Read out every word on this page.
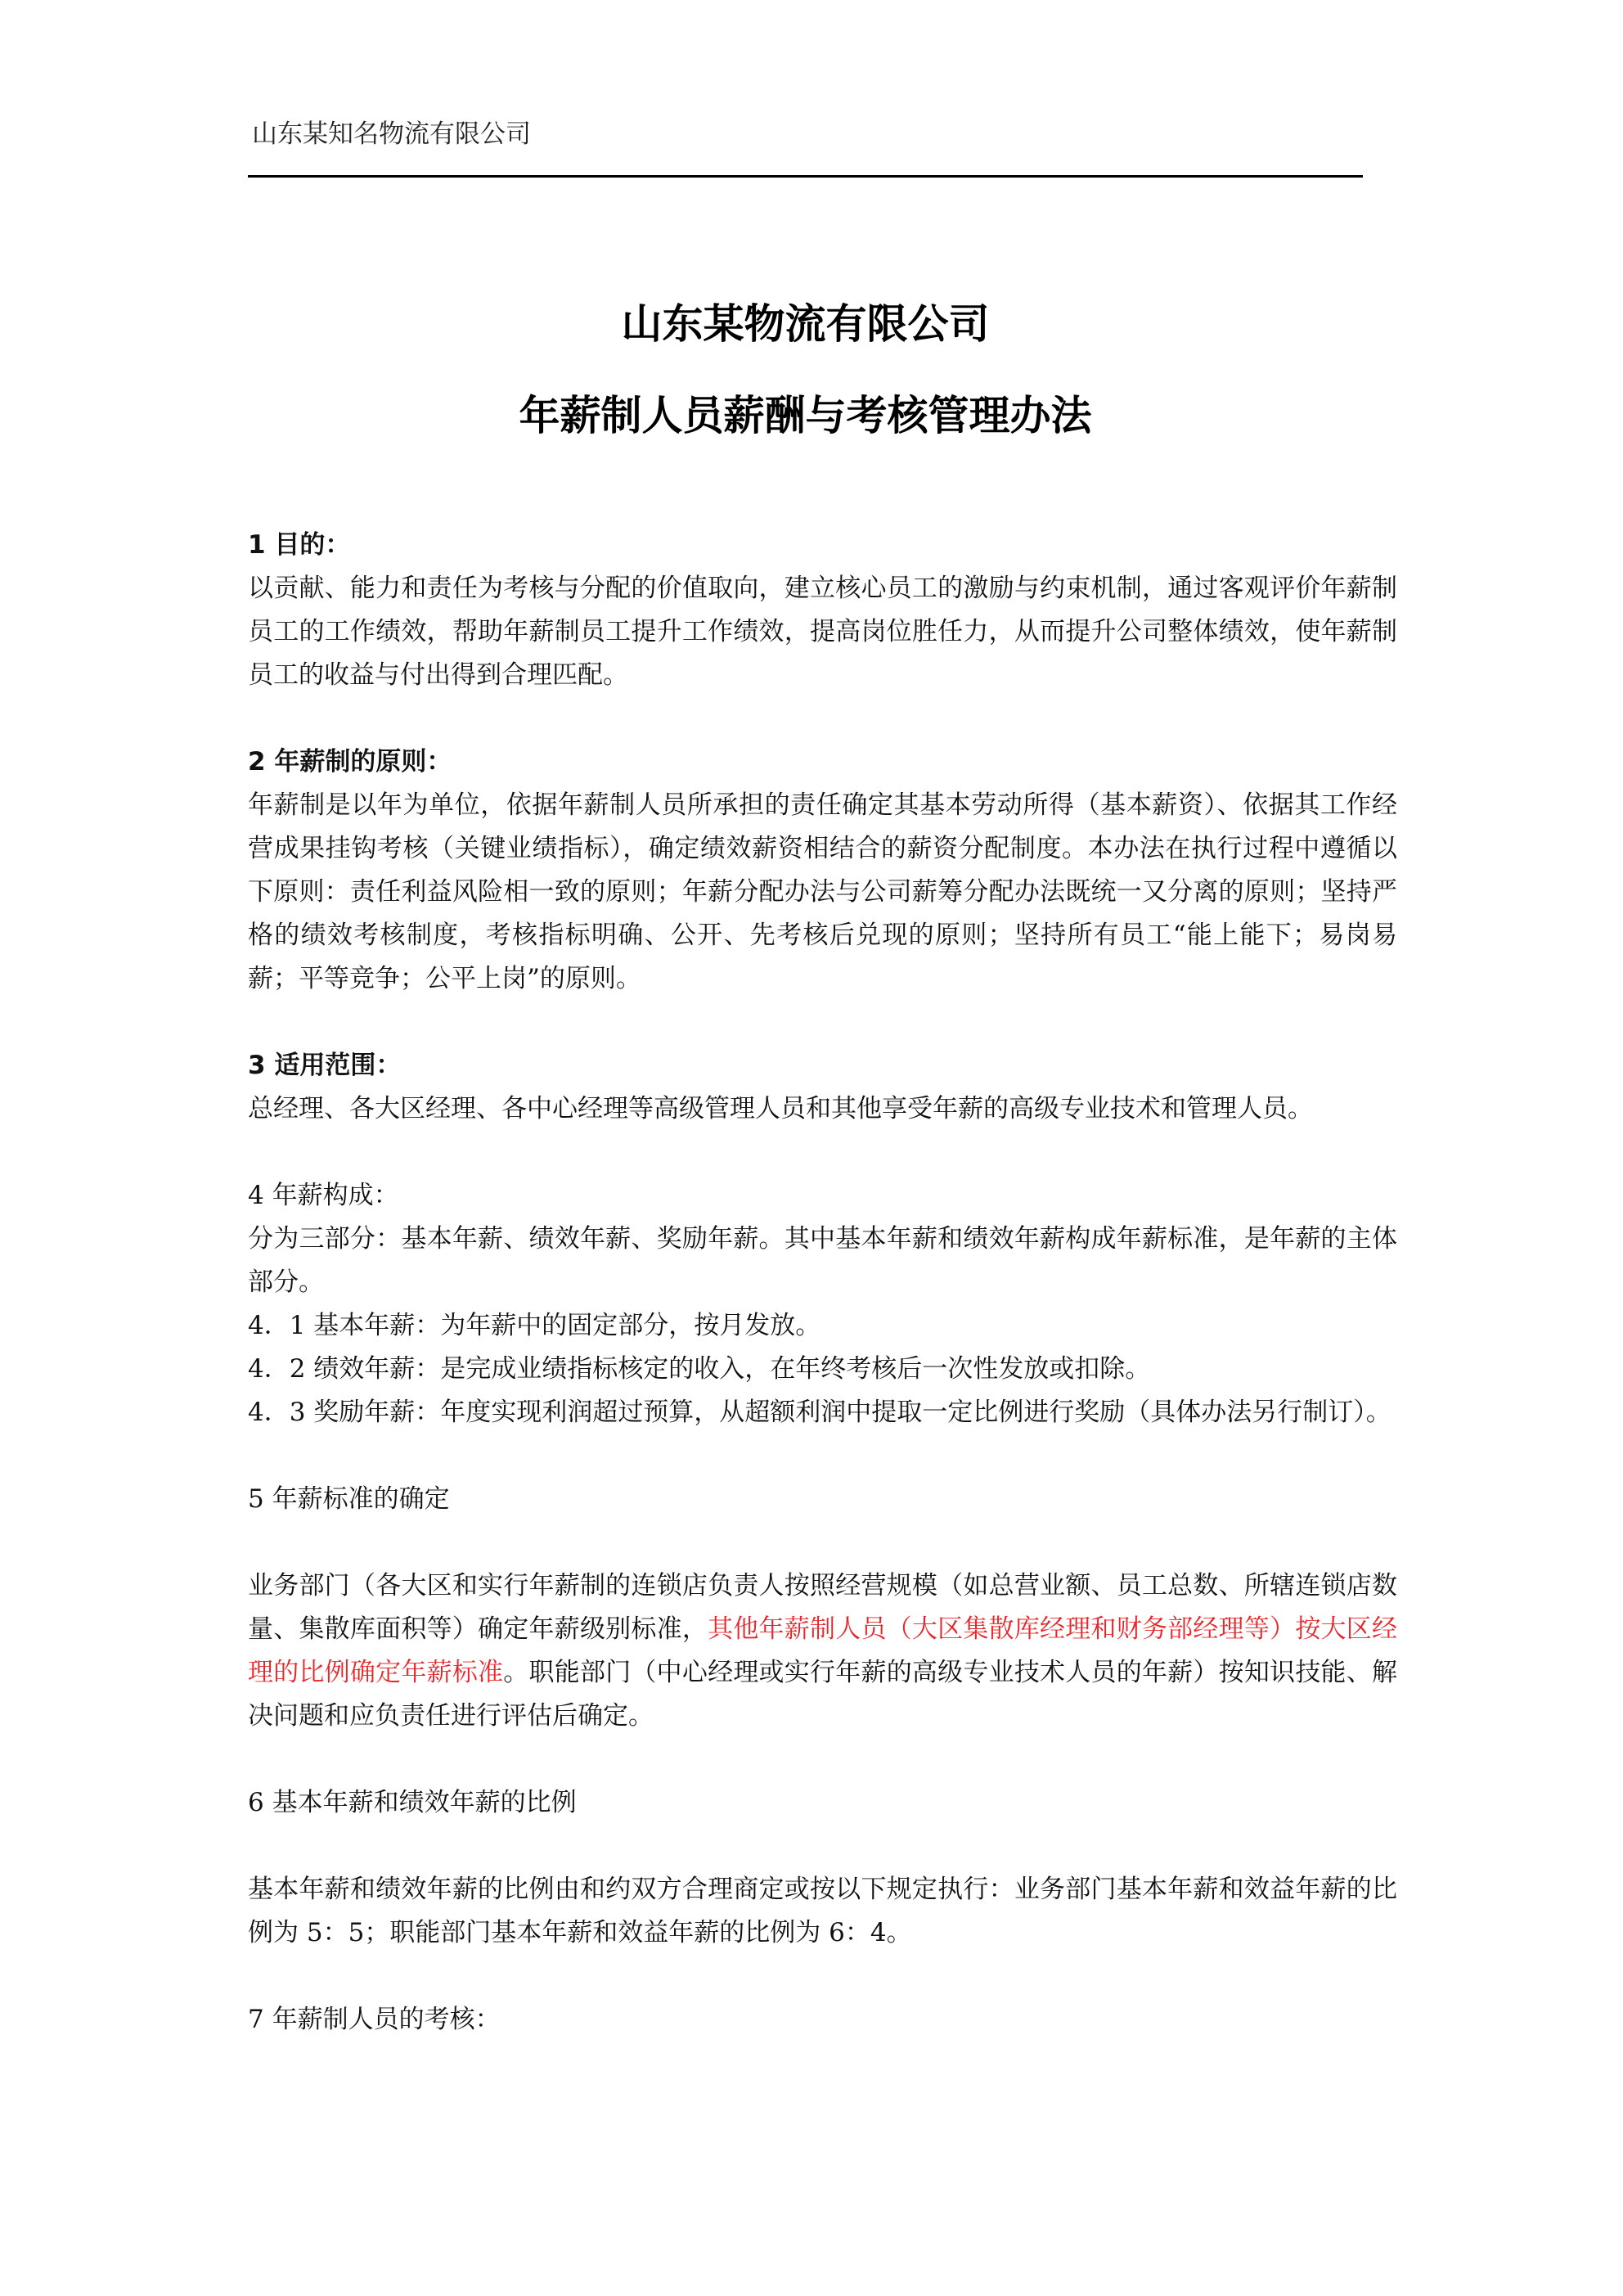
山东某知名物流有限公司
山东某物流有限公司
年薪制人员薪酬与考核管理办法
1 目的：

以贡献、能力和责任为考核与分配的价值取向，建立核心员工的激励与约束机制，通过客观评价年薪制员工的工作绩效，帮助年薪制员工提升工作绩效，提高岗位胜任力，从而提升公司整体绩效，使年薪制员工的收益与付出得到合理匹配。

2 年薪制的原则：

年薪制是以年为单位，依据年薪制人员所承担的责任确定其基本劳动所得（基本薪资）、依据其工作经营成果挂钩考核（关键业绩指标），确定绩效薪资相结合的薪资分配制度。本办法在执行过程中遵循以下原则：责任利益风险相一致的原则；年薪分配办法与公司薪筹分配办法既统一又分离的原则；坚持严格的绩效考核制度，考核指标明确、公开、先考核后兑现的原则；坚持所有员工“能上能下；易岗易薪；平等竞争；公平上岗”的原则。

3 适用范围：

总经理、各大区经理、各中心经理等高级管理人员和其他享受年薪的高级专业技术和管理人员。

4 年薪构成：

分为三部分：基本年薪、绩效年薪、奖励年薪。其中基本年薪和绩效年薪构成年薪标准，是年薪的主体部分。

4．1 基本年薪：为年薪中的固定部分，按月发放。

4．2 绩效年薪：是完成业绩指标核定的收入，在年终考核后一次性发放或扣除。

4．3 奖励年薪：年度实现利润超过预算，从超额利润中提取一定比例进行奖励（具体办法另行制订）。

5 年薪标准的确定

业务部门（各大区和实行年薪制的连锁店负责人按照经营规模（如总营业额、员工总数、所辖连锁店数量、集散库面积等）确定年薪级别标准，其他年薪制人员（大区集散库经理和财务部经理等）按大区经理的比例确定年薪标准。职能部门（中心经理或实行年薪的高级专业技术人员的年薪）按知识技能、解决问题和应负责任进行评估后确定。

6 基本年薪和绩效年薪的比例

基本年薪和绩效年薪的比例由和约双方合理商定或按以下规定执行：业务部门基本年薪和效益年薪的比例为 5：5；职能部门基本年薪和效益年薪的比例为 6：4。

7 年薪制人员的考核：
